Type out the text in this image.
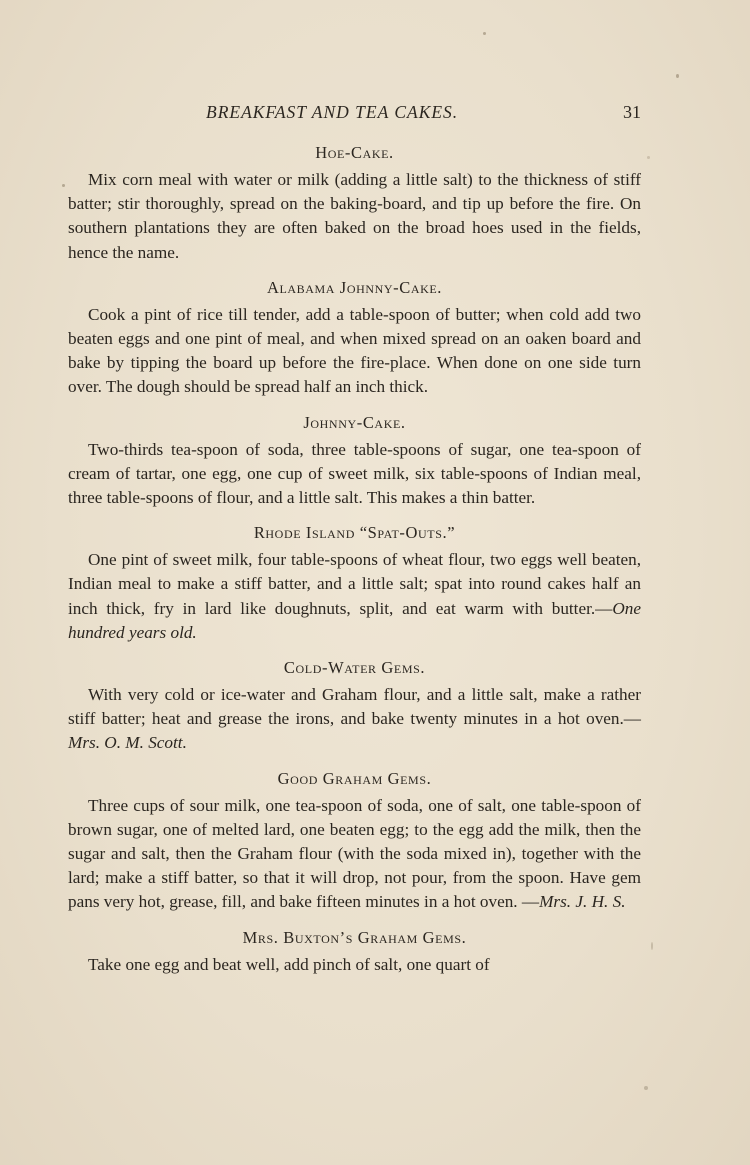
BREAKFAST AND TEA CAKES.	31
Hoe-Cake.

Mix corn meal with water or milk (adding a little salt) to the thickness of stiff batter; stir thoroughly, spread on the baking-board, and tip up before the fire. On southern plantations they are often baked on the broad hoes used in the fields, hence the name.

Alabama Johnny-Cake.

Cook a pint of rice till tender, add a table-spoon of butter; when cold add two beaten eggs and one pint of meal, and when mixed spread on an oaken board and bake by tipping the board up before the fire-place. When done on one side turn over. The dough should be spread half an inch thick.

Johnny-Cake.

Two-thirds tea-spoon of soda, three table-spoons of sugar, one tea-spoon of cream of tartar, one egg, one cup of sweet milk, six table-spoons of Indian meal, three table-spoons of flour, and a little salt. This makes a thin batter.

Rhode Island “Spat-Outs.”

One pint of sweet milk, four table-spoons of wheat flour, two eggs well beaten, Indian meal to make a stiff batter, and a little salt; spat into round cakes half an inch thick, fry in lard like doughnuts, split, and eat warm with butter.—One hundred years old.

Cold-Water Gems.

With very cold or ice-water and Graham flour, and a little salt, make a rather stiff batter; heat and grease the irons, and bake twenty minutes in a hot oven.—Mrs. O. M. Scott.

Good Graham Gems.

Three cups of sour milk, one tea-spoon of soda, one of salt, one table-spoon of brown sugar, one of melted lard, one beaten egg; to the egg add the milk, then the sugar and salt, then the Graham flour (with the soda mixed in), together with the lard; make a stiff batter, so that it will drop, not pour, from the spoon. Have gem pans very hot, grease, fill, and bake fifteen minutes in a hot oven. —Mrs. J. H. S.

Mrs. Buxton’s Graham Gems.

Take one egg and beat well, add pinch of salt, one quart of
